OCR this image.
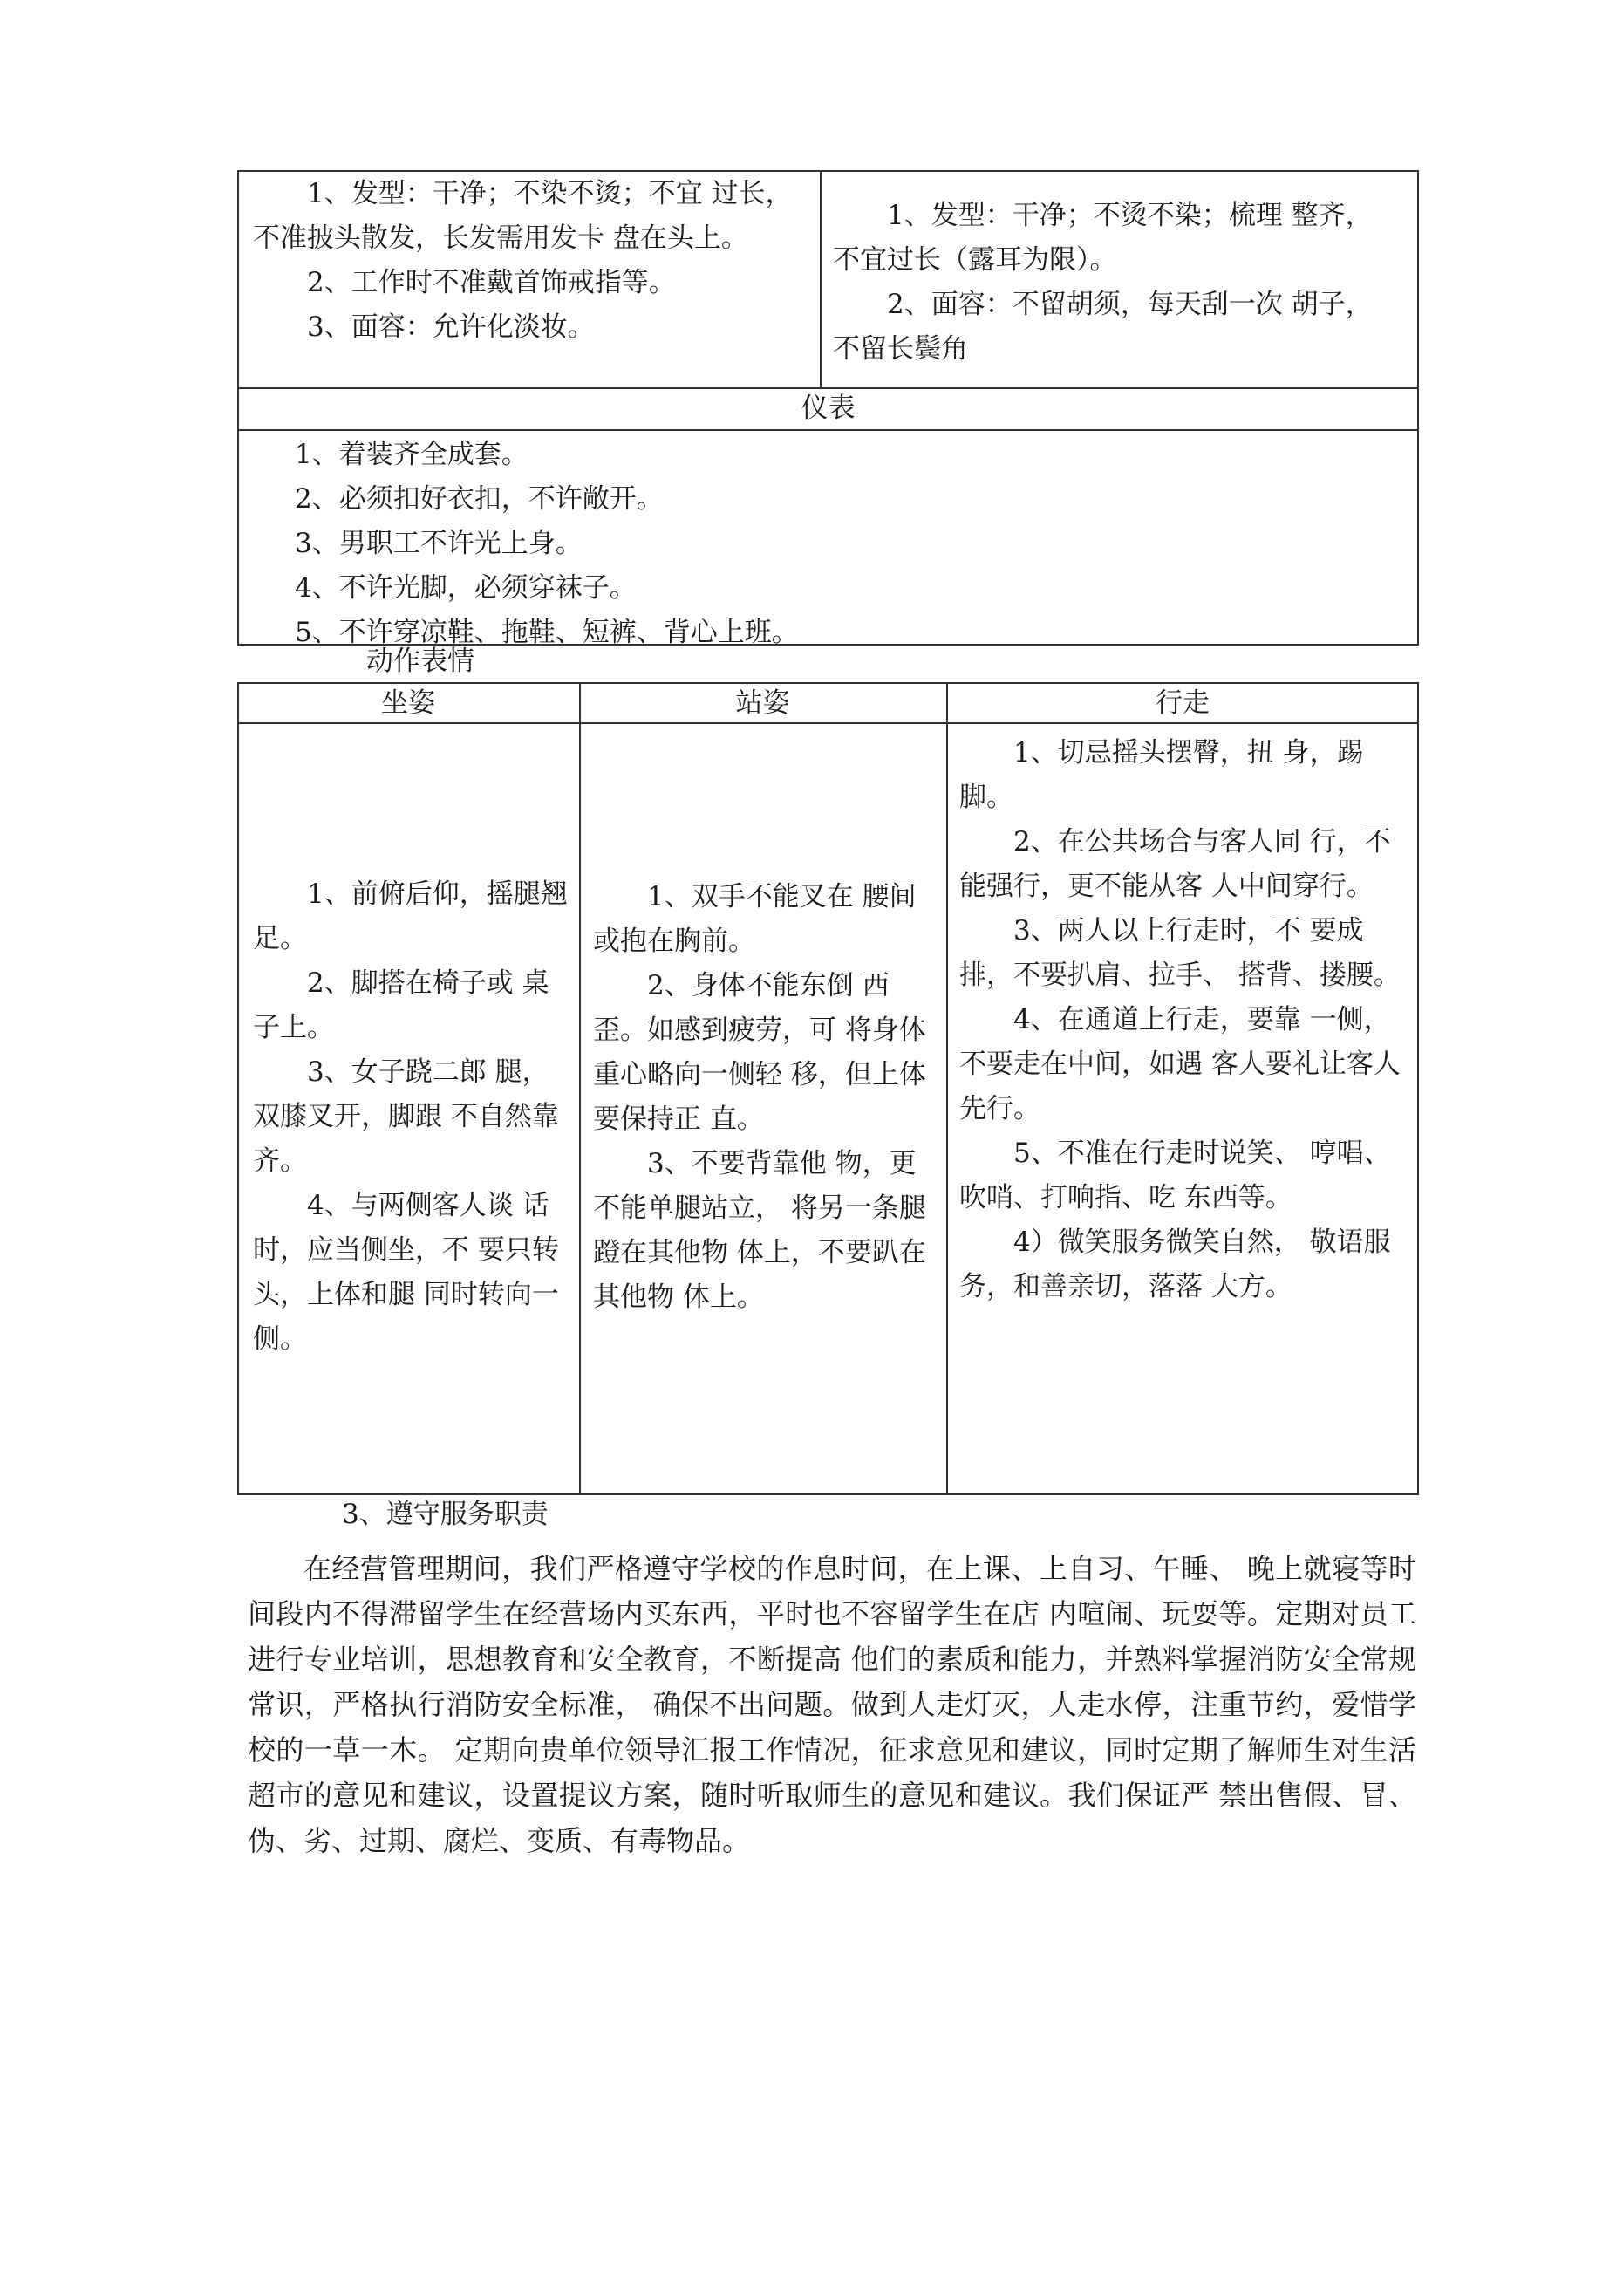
1、发型：干净；不染不烫；不宜 过长，不准披头散发，长发需用发卡 盘在头上。

2、工作时不准戴首饰戒指等。

3、面容：允许化淡妆。

1、发型：干净；不烫不染；梳理 整齐，不宜过长（露耳为限）。

2、面容：不留胡须，每天刮一次 胡子，不留长鬓角

仪表

1、着装齐全成套。

2、必须扣好衣扣，不许敞开。

3、男职工不许光上身。

4、不许光脚，必须穿袜子。

5、不许穿凉鞋、拖鞋、短裤、背心上班。

动作表情
坐姿	站姿	行走

1、前俯后仰，摇腿翘足。

2、脚搭在椅子或 桌子上。

3、女子跷二郎 腿，双膝叉开，脚跟 不自然靠齐。

4、与两侧客人谈 话时，应当侧坐，不 要只转头，上体和腿 同时转向一侧。

1、双手不能叉在 腰间或抱在胸前。

2、身体不能东倒 西歪。如感到疲劳，可 将身体重心略向一侧轻 移，但上体要保持正 直。

3、不要背靠他 物，更不能单腿站立， 将另一条腿蹬在其他物 体上，不要趴在其他物 体上。

1、切忌摇头摆臀，扭 身，踢脚。

2、在公共场合与客人同 行，不能强行，更不能从客 人中间穿行。

3、两人以上行走时，不 要成排，不要扒肩、拉手、 搭背、搂腰。

4、在通道上行走，要靠 一侧，不要走在中间，如遇 客人要礼让客人先行。

5、不准在行走时说笑、 哼唱、吹哨、打响指、吃 东西等。

4）微笑服务微笑自然， 敬语服务，和善亲切，落落 大方。

3、遵守服务职责

在经营管理期间，我们严格遵守学校的作息时间，在上课、上自习、午睡、 晚上就寝等时间段内不得滞留学生在经营场内买东西，平时也不容留学生在店 内喧闹、玩耍等。定期对员工进行专业培训，思想教育和安全教育，不断提高 他们的素质和能力，并熟料掌握消防安全常规常识，严格执行消防安全标准， 确保不出问题。做到人走灯灭，人走水停，注重节约，爱惜学校的一草一木。 定期向贵单位领导汇报工作情况，征求意见和建议，同时定期了解师生对生活 超市的意见和建议，设置提议方案，随时听取师生的意见和建议。我们保证严 禁出售假、冒、伪、劣、过期、腐烂、变质、有毒物品。
